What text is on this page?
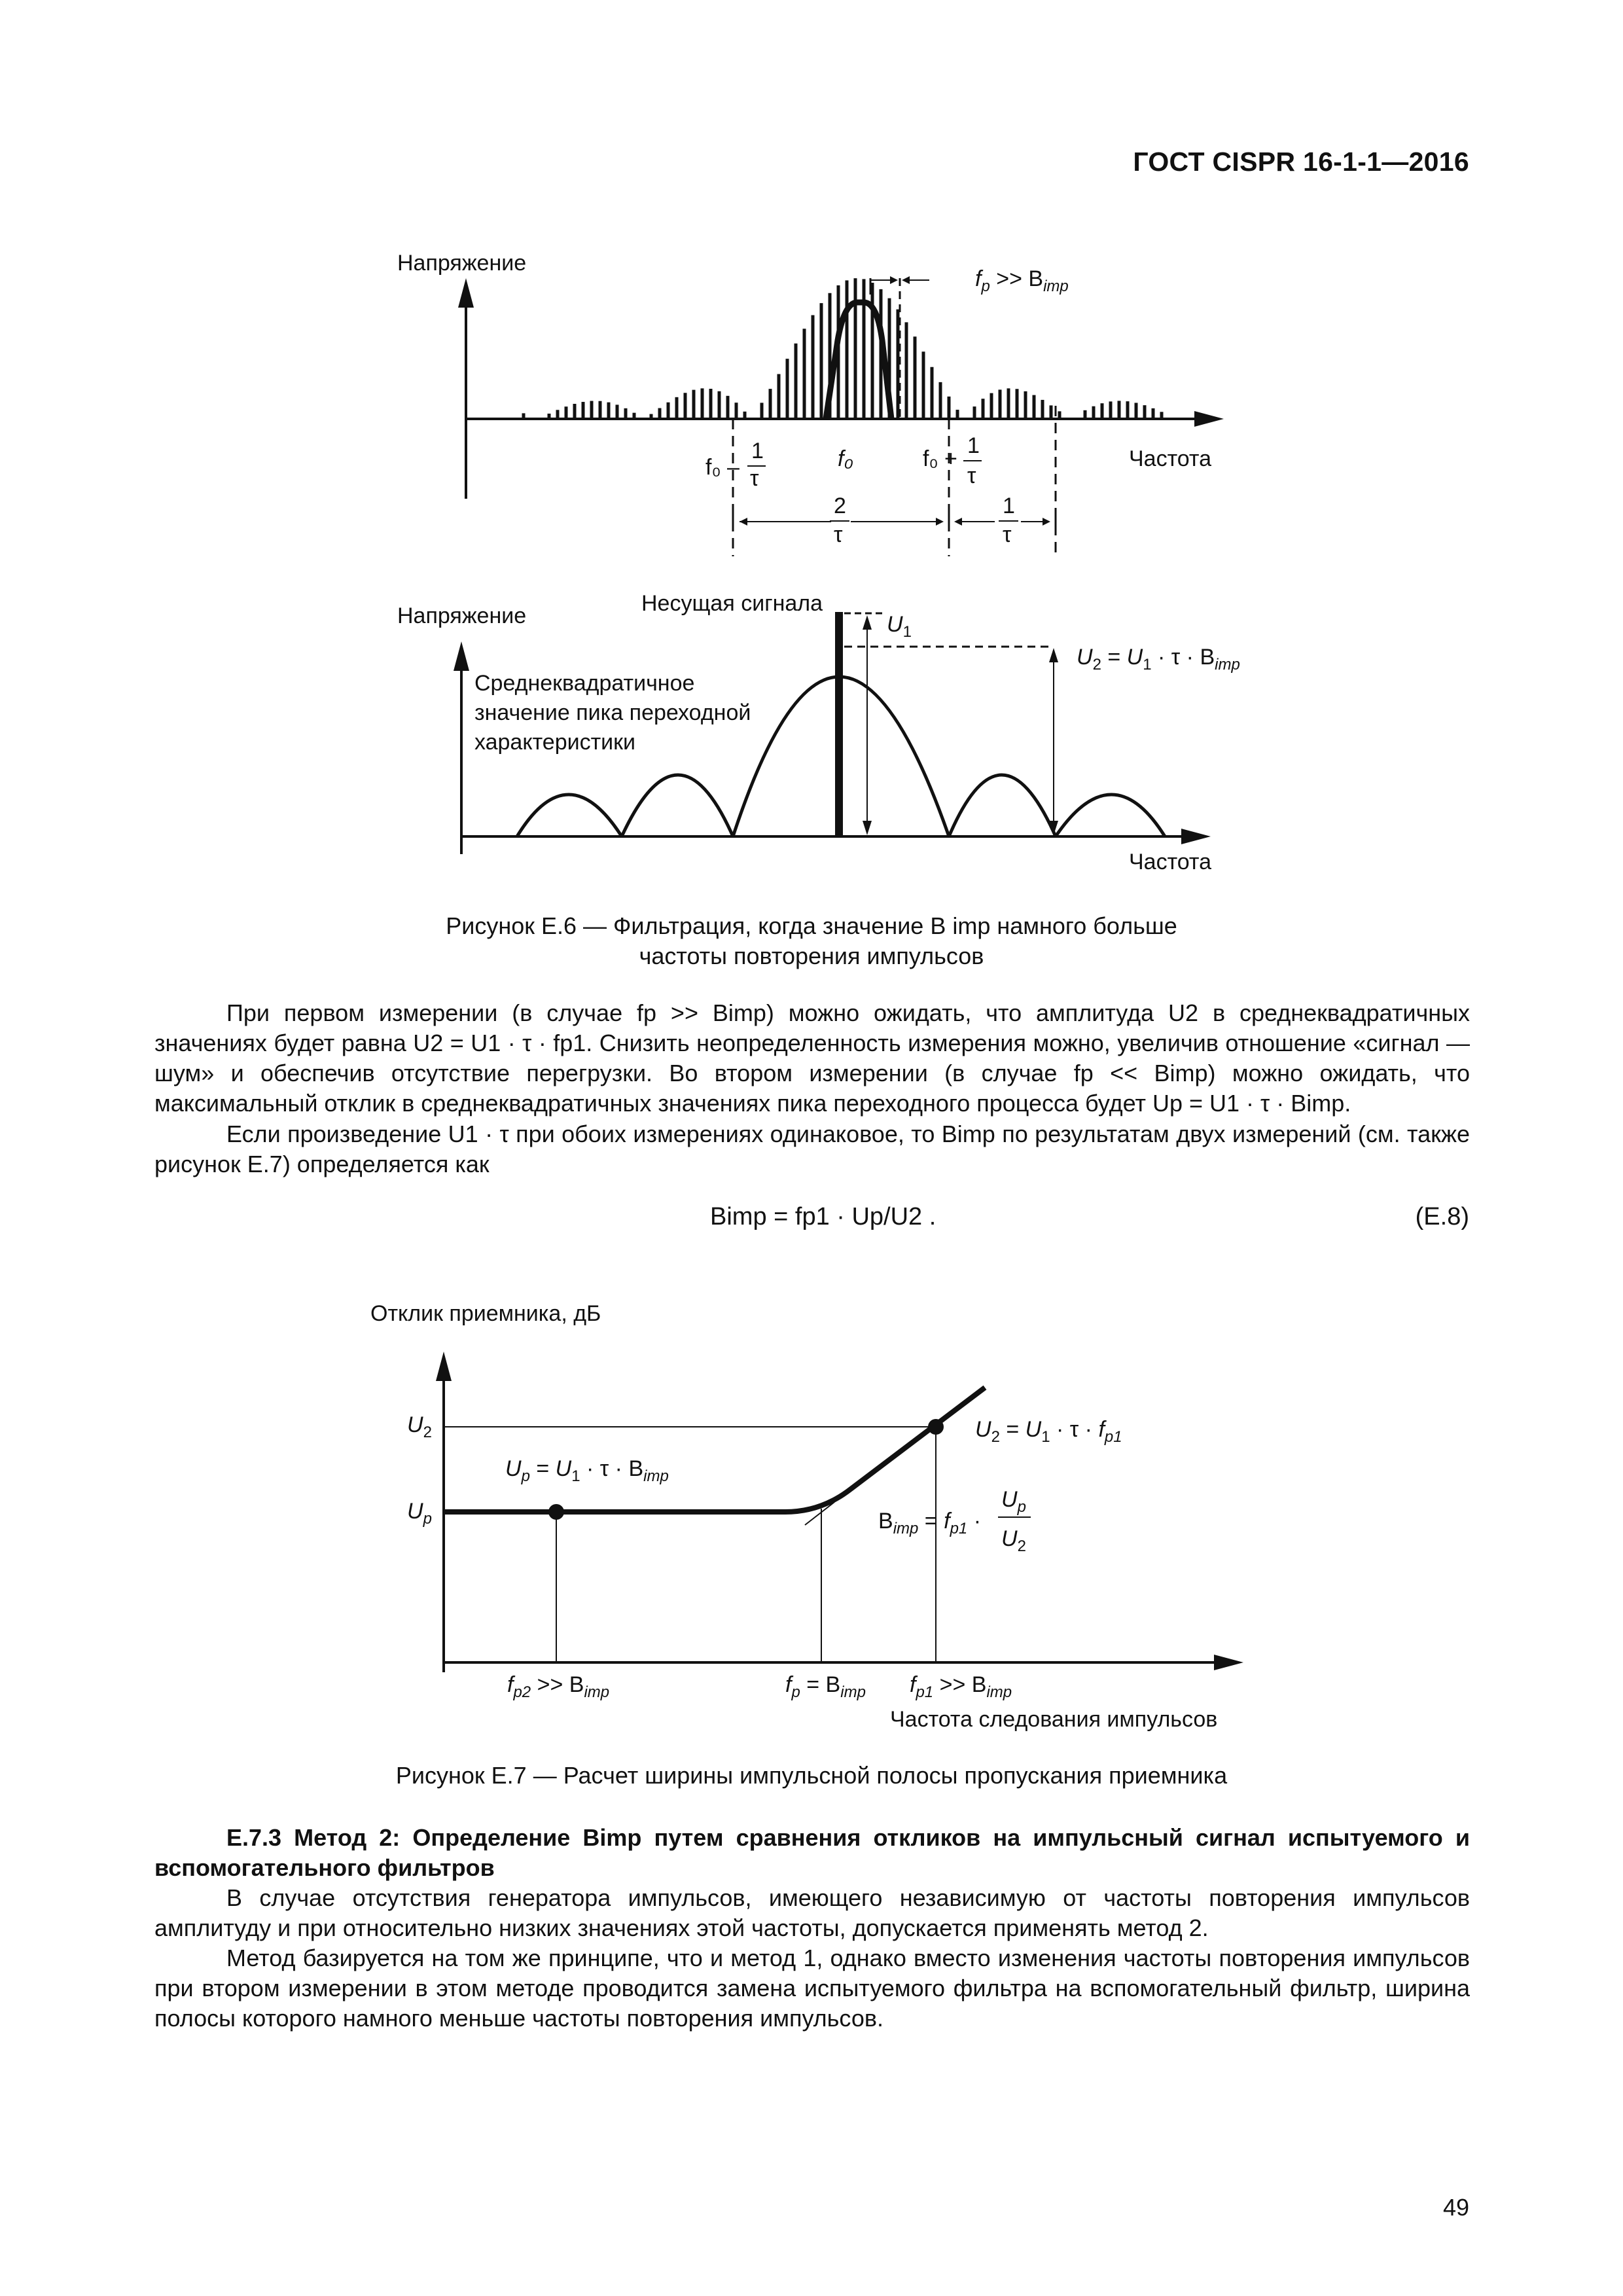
ГОСТ CISPR 16-1-1—2016
f₀ –
1
τ
f₀	f₀ +
1
τ
2
τ
1
τ
$f_p >> B_{imp}$
Напряжение
Частота
Напряжение	Несущая сигнала
$U_1$
$U_2 = U_1 \cdot \tau \cdot B_{imp}$
Среднеквадратичное
значение пика переходной
характеристики
Частота
Рисунок Е.6 — Фильтрация, когда значение B imp намного больше
частоты повторения импульсов
При первом измерении (в случае fp >> Bimp) можно ожидать, что амплитуда U2 в среднеквадратичных значениях будет равна U2 = U1 · τ · fp1. Снизить неопределенность измерения можно, увеличив отношение «сигнал — шум» и обеспечив отсутствие перегрузки. Во втором измерении (в случае fp << Bimp) можно ожидать, что максимальный отклик в среднеквадратичных значениях пика переходного процесса будет Up = U1 · τ · Bimp.
Если произведение U1 · τ при обоих измерениях одинаковое, то Bimp по результатам двух измерений (см. также рисунок Е.7) определяется как
Bimp = fp1 · Up/U2 .	(Е.8)
Отклик приемника, дБ
$U_2$
$U_p$
$U_p = U_1 \cdot \tau \cdot B_{imp}$
$U_2 = U_1 \cdot \tau \cdot f_{p1}$
$B_{imp} = f_{p1}$ ·
$U_p$
$U_2$
$f_{p2} >> B_{imp}$	$f_p = B_{imp}$ $f_{p1} >> B_{imp}$
Частота следования импульсов
Рисунок Е.7 — Расчет ширины импульсной полосы пропускания приемника
Е.7.3 Метод 2: Определение Bimp путем сравнения откликов на импульсный сигнал испытуемого и вспомогательного фильтров
В случае отсутствия генератора импульсов, имеющего независимую от частоты повторения импульсов амплитуду и при относительно низких значениях этой частоты, допускается применять метод 2.
Метод базируется на том же принципе, что и метод 1, однако вместо изменения частоты повторения импульсов при втором измерении в этом методе проводится замена испытуемого фильтра на вспомогательный фильтр, ширина полосы которого намного меньше частоты повторения импульсов.
49
